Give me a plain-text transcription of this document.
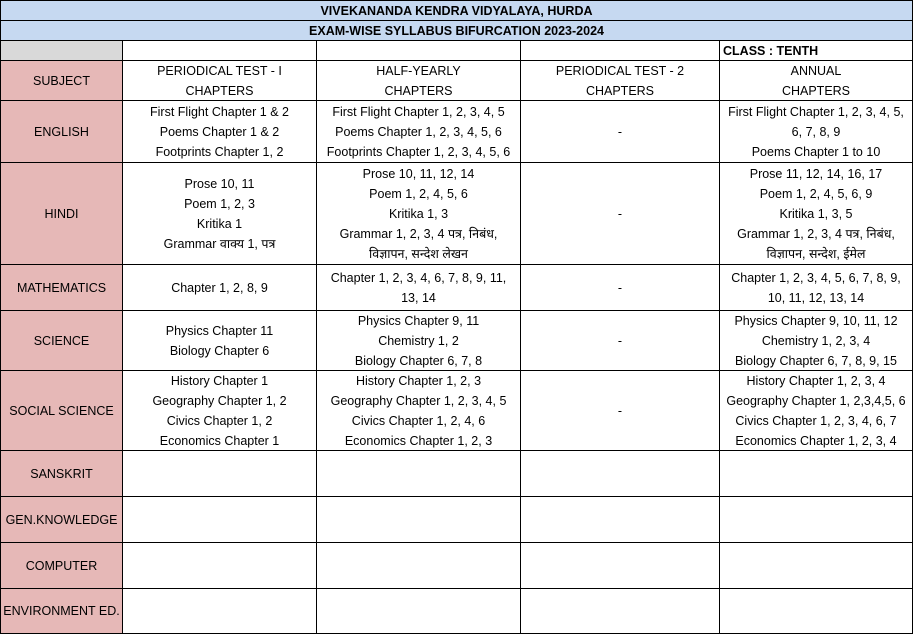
VIVEKANANDA KENDRA VIDYALAYA, HURDA
EXAM-WISE SYLLABUS BIFURCATION 2023-2024
CLASS : TENTH
SUBJECT
PERIODICAL TEST - I
CHAPTERS
HALF-YEARLY
CHAPTERS
PERIODICAL TEST - 2
CHAPTERS
ANNUAL
CHAPTERS
ENGLISH
First Flight Chapter 1 & 2
Poems Chapter 1 & 2
Footprints Chapter 1, 2
First Flight Chapter 1, 2, 3, 4, 5
Poems Chapter 1, 2, 3, 4, 5, 6
Footprints Chapter 1, 2, 3, 4, 5, 6
-
First Flight Chapter 1, 2, 3, 4, 5,
6, 7, 8, 9
Poems Chapter 1 to 10
HINDI
Prose 10, 11
Poem 1, 2, 3
Kritika 1
Grammar वाक्य 1, पत्र
Prose 10, 11, 12, 14
Poem 1, 2, 4, 5, 6
Kritika 1, 3
Grammar 1, 2, 3, 4 पत्र, निबंध,
विज्ञापन, सन्देश लेखन
-
Prose 11, 12, 14, 16, 17
Poem 1, 2, 4, 5, 6, 9
Kritika 1, 3, 5
Grammar 1, 2, 3, 4 पत्र, निबंध,
विज्ञापन, सन्देश, ईमेल
MATHEMATICS	Chapter 1, 2, 8, 9
Chapter 1, 2, 3, 4, 6, 7, 8, 9, 11,
13, 14
-
Chapter 1, 2, 3, 4, 5, 6, 7, 8, 9,
10, 11, 12, 13, 14
SCIENCE
Physics Chapter 11
Biology Chapter 6
Physics Chapter 9, 11
Chemistry 1, 2
Biology Chapter 6, 7, 8
-
Physics Chapter 9, 10, 11, 12
Chemistry 1, 2, 3, 4
Biology Chapter 6, 7, 8, 9, 15
SOCIAL SCIENCE
History Chapter 1
Geography Chapter 1, 2
Civics Chapter 1, 2
Economics Chapter 1
History Chapter 1, 2, 3
Geography Chapter 1, 2, 3, 4, 5
Civics Chapter 1, 2, 4, 6
Economics Chapter 1, 2, 3
-
History Chapter 1, 2, 3, 4
Geography Chapter 1, 2,3,4,5, 6
Civics Chapter 1, 2, 3, 4, 6, 7
Economics Chapter 1, 2, 3, 4
SANSKRIT
GEN.KNOWLEDGE
COMPUTER
ENVIRONMENT ED.
